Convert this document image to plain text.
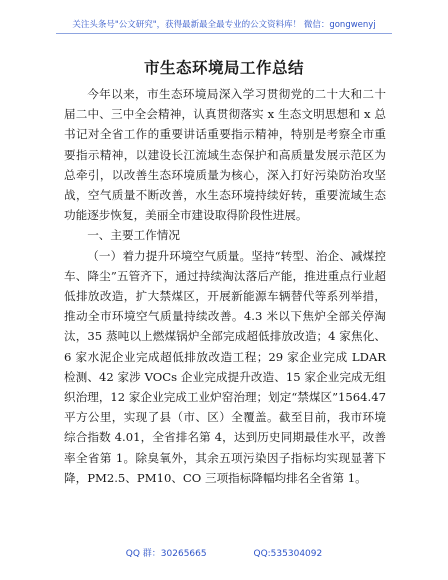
关注头条号"公文研究"，获得最新最全最专业的公文资料库！ 微信：gongwenyj
市生态环境局工作总结

今年以来，市生态环境局深入学习贯彻党的二十大和二十届二中、三中全会精神，认真贯彻落实 x 生态文明思想和 x 总书记对全省工作的重要讲话重要指示精神，特别是考察全市重要指示精神，以建设长江流域生态保护和高质量发展示范区为总牵引，以改善生态环境质量为核心，深入打好污染防治攻坚战，空气质量不断改善，水生态环境持续好转，重要流域生态功能逐步恢复，美丽全市建设取得阶段性进展。

一、主要工作情况

（一）着力提升环境空气质量。坚持“转型、治企、减煤控车、降尘”五管齐下，通过持续淘汰落后产能，推进重点行业超低排放改造，扩大禁煤区，开展新能源车辆替代等系列举措，推动全市环境空气质量持续改善。4.3 米以下焦炉全部关停淘汰，35 蒸吨以上燃煤锅炉全部完成超低排放改造；4 家焦化、6 家水泥企业完成超低排放改造工程；29 家企业完成 LDAR 检测、42 家涉 VOCs 企业完成提升改造、15 家企业完成无组织治理，12 家企业完成工业炉窑治理；划定“禁煤区”1564.47 平方公里，实现了县（市、区）全覆盖。截至目前，我市环境综合指数 4.01，全省排名第 4，达到历史同期最佳水平，改善率全省第 1。除臭氧外，其余五项污染因子指标均实现显著下降，PM2.5、PM10、CO 三项指标降幅均排名全省第 1。

QQ 群：30265665	QQ:535304092
